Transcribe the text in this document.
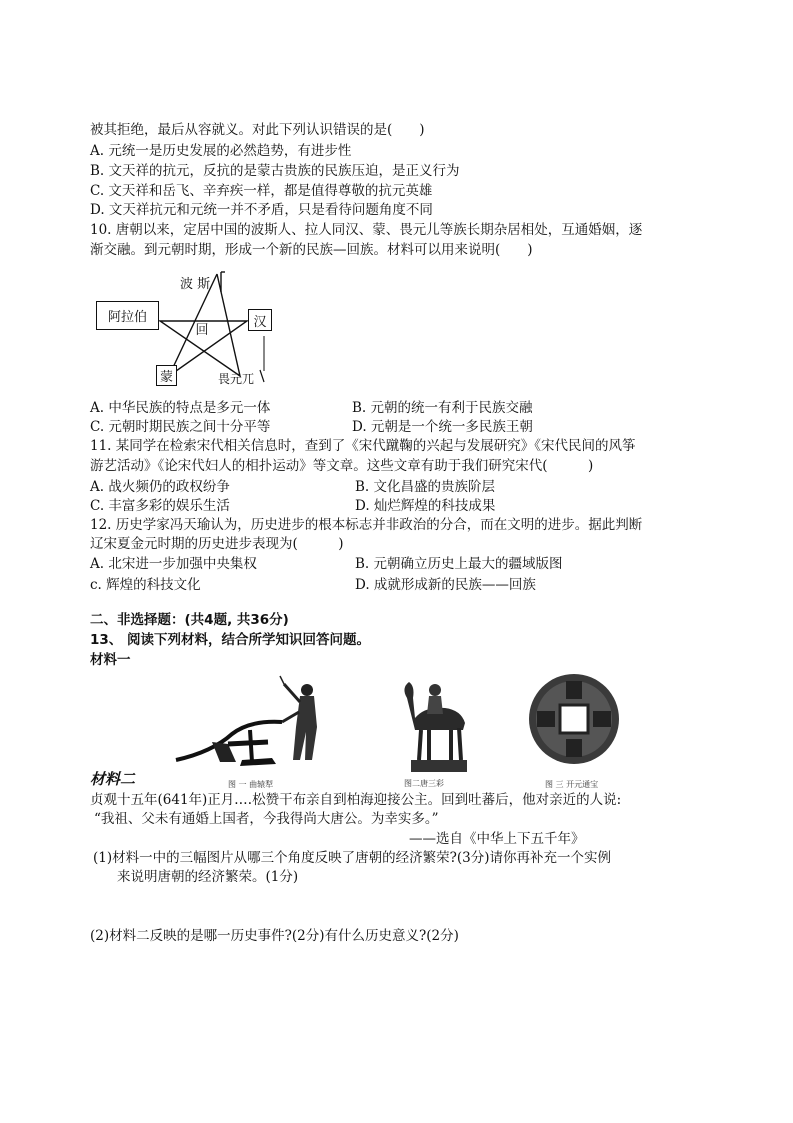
被其拒绝，最后从容就义。对此下列认识错误的是(　　)
A. 元统一是历史发展的必然趋势，有进步性
B. 文天祥的抗元，反抗的是蒙古贵族的民族压迫，是正义行为
C. 文天祥和岳飞、辛弃疾一样，都是值得尊敬的抗元英雄
D. 文天祥抗元和元统一并不矛盾，只是看待问题角度不同
10. 唐朝以来，定居中国的波斯人、拉人同汉、蒙、畏元儿等族长期杂居相处，互通婚姻，逐
渐交融。到元朝时期，形成一个新的民族—回族。材料可以用来说明(　　)
波 斯
阿拉伯
回
汉
蒙	畏元兀
A. 中华民族的特点是多元一体	B. 元朝的统一有利于民族交融
C. 元朝时期民族之间十分平等	D. 元朝是一个统一多民族王朝
11. 某同学在检索宋代相关信息时，查到了《宋代蹴鞠的兴起与发展研究》《宋代民间的风筝
游艺活动》《论宋代妇人的相扑运动》等文章。这些文章有助于我们研究宋代(　　　)
A. 战火频仍的政权纷争	B. 文化昌盛的贵族阶层
C. 丰富多彩的娱乐生活	D. 灿烂辉煌的科技成果
12. 历史学家冯天瑜认为，历史进步的根本标志并非政治的分合，而在文明的进步。据此判断
辽宋夏金元时期的历史进步表现为(　　　)
A. 北宋进一步加强中央集权	B. 元朝确立历史上最大的疆域版图
c. 辉煌的科技文化	D. 成就形成新的民族——回族
二、非选择题：(共4题, 共36分)
13、 阅读下列材料，结合所学知识回答问题。
材料一
图 一 曲辕犁	图二唐三彩	图 三 开元通宝
材料二
贞观十五年(641年)正月.…松赞干布亲自到柏海迎接公主。回到吐蕃后，他对亲近的人说:
“我祖、父未有通婚上国者，今我得尚大唐公。为幸实多。”
——选自《中华上下五千年》
(1)材料一中的三幅图片从哪三个角度反映了唐朝的经济繁荣?(3分)请你再补充一个实例
来说明唐朝的经济繁荣。(1分)
(2)材料二反映的是哪一历史事件?(2分)有什么历史意义?(2分)
